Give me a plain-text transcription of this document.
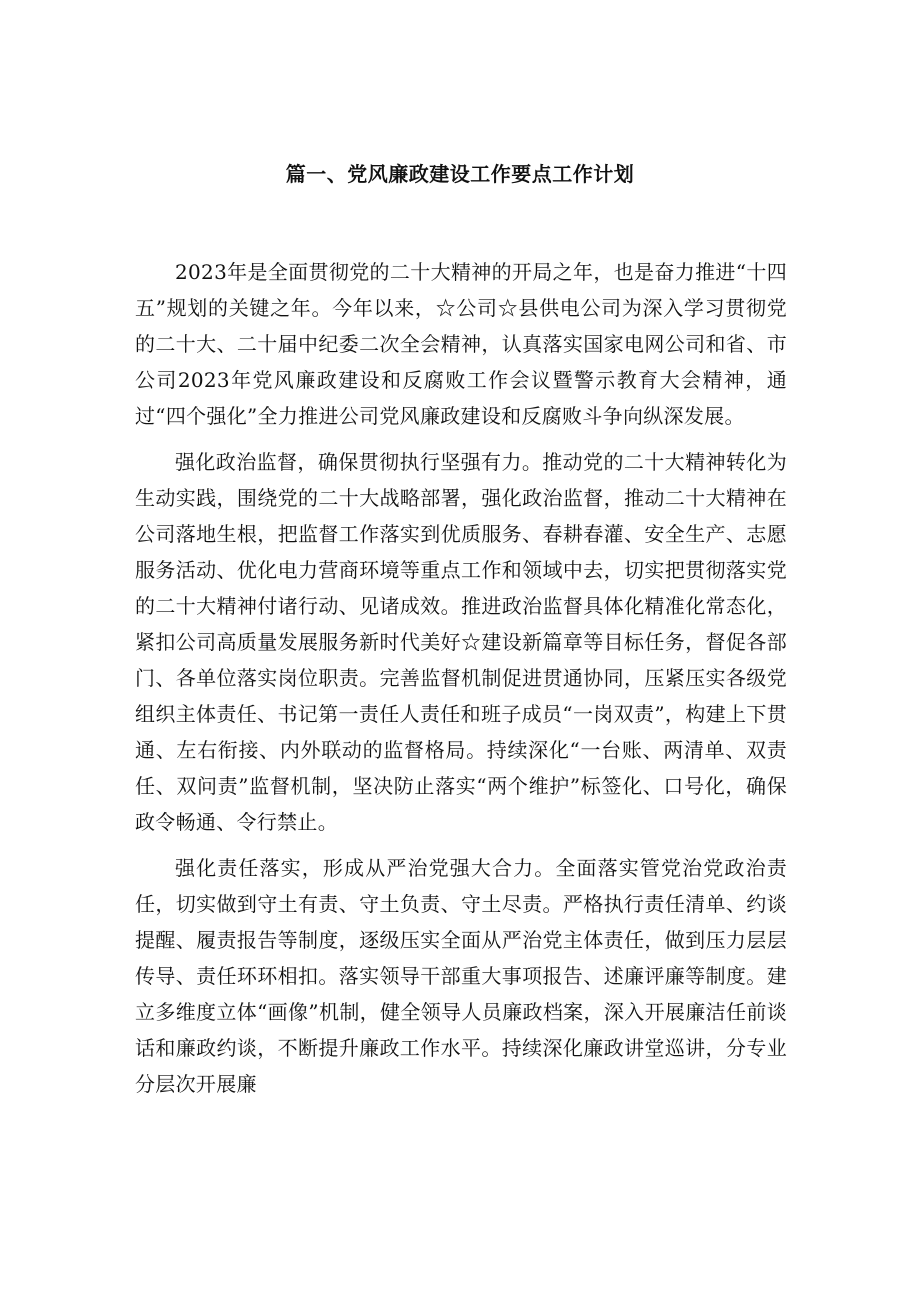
篇一、党风廉政建设工作要点工作计划

2023年是全面贯彻党的二十大精神的开局之年，也是奋力推进“十四五”规划的关键之年。今年以来，☆公司☆县供电公司为深入学习贯彻党的二十大、二十届中纪委二次全会精神，认真落实国家电网公司和省、市公司2023年党风廉政建设和反腐败工作会议暨警示教育大会精神，通过“四个强化”全力推进公司党风廉政建设和反腐败斗争向纵深发展。

强化政治监督，确保贯彻执行坚强有力。推动党的二十大精神转化为生动实践，围绕党的二十大战略部署，强化政治监督，推动二十大精神在公司落地生根，把监督工作落实到优质服务、春耕春灌、安全生产、志愿服务活动、优化电力营商环境等重点工作和领域中去，切实把贯彻落实党的二十大精神付诸行动、见诸成效。推进政治监督具体化精准化常态化，紧扣公司高质量发展服务新时代美好☆建设新篇章等目标任务，督促各部门、各单位落实岗位职责。完善监督机制促进贯通协同，压紧压实各级党组织主体责任、书记第一责任人责任和班子成员“一岗双责”，构建上下贯通、左右衔接、内外联动的监督格局。持续深化“一台账、两清单、双责任、双问责”监督机制，坚决防止落实“两个维护”标签化、口号化，确保政令畅通、令行禁止。

强化责任落实，形成从严治党强大合力。全面落实管党治党政治责任，切实做到守土有责、守土负责、守土尽责。严格执行责任清单、约谈提醒、履责报告等制度，逐级压实全面从严治党主体责任，做到压力层层传导、责任环环相扣。落实领导干部重大事项报告、述廉评廉等制度。建立多维度立体“画像”机制，健全领导人员廉政档案，深入开展廉洁任前谈话和廉政约谈，不断提升廉政工作水平。持续深化廉政讲堂巡讲，分专业分层次开展廉
